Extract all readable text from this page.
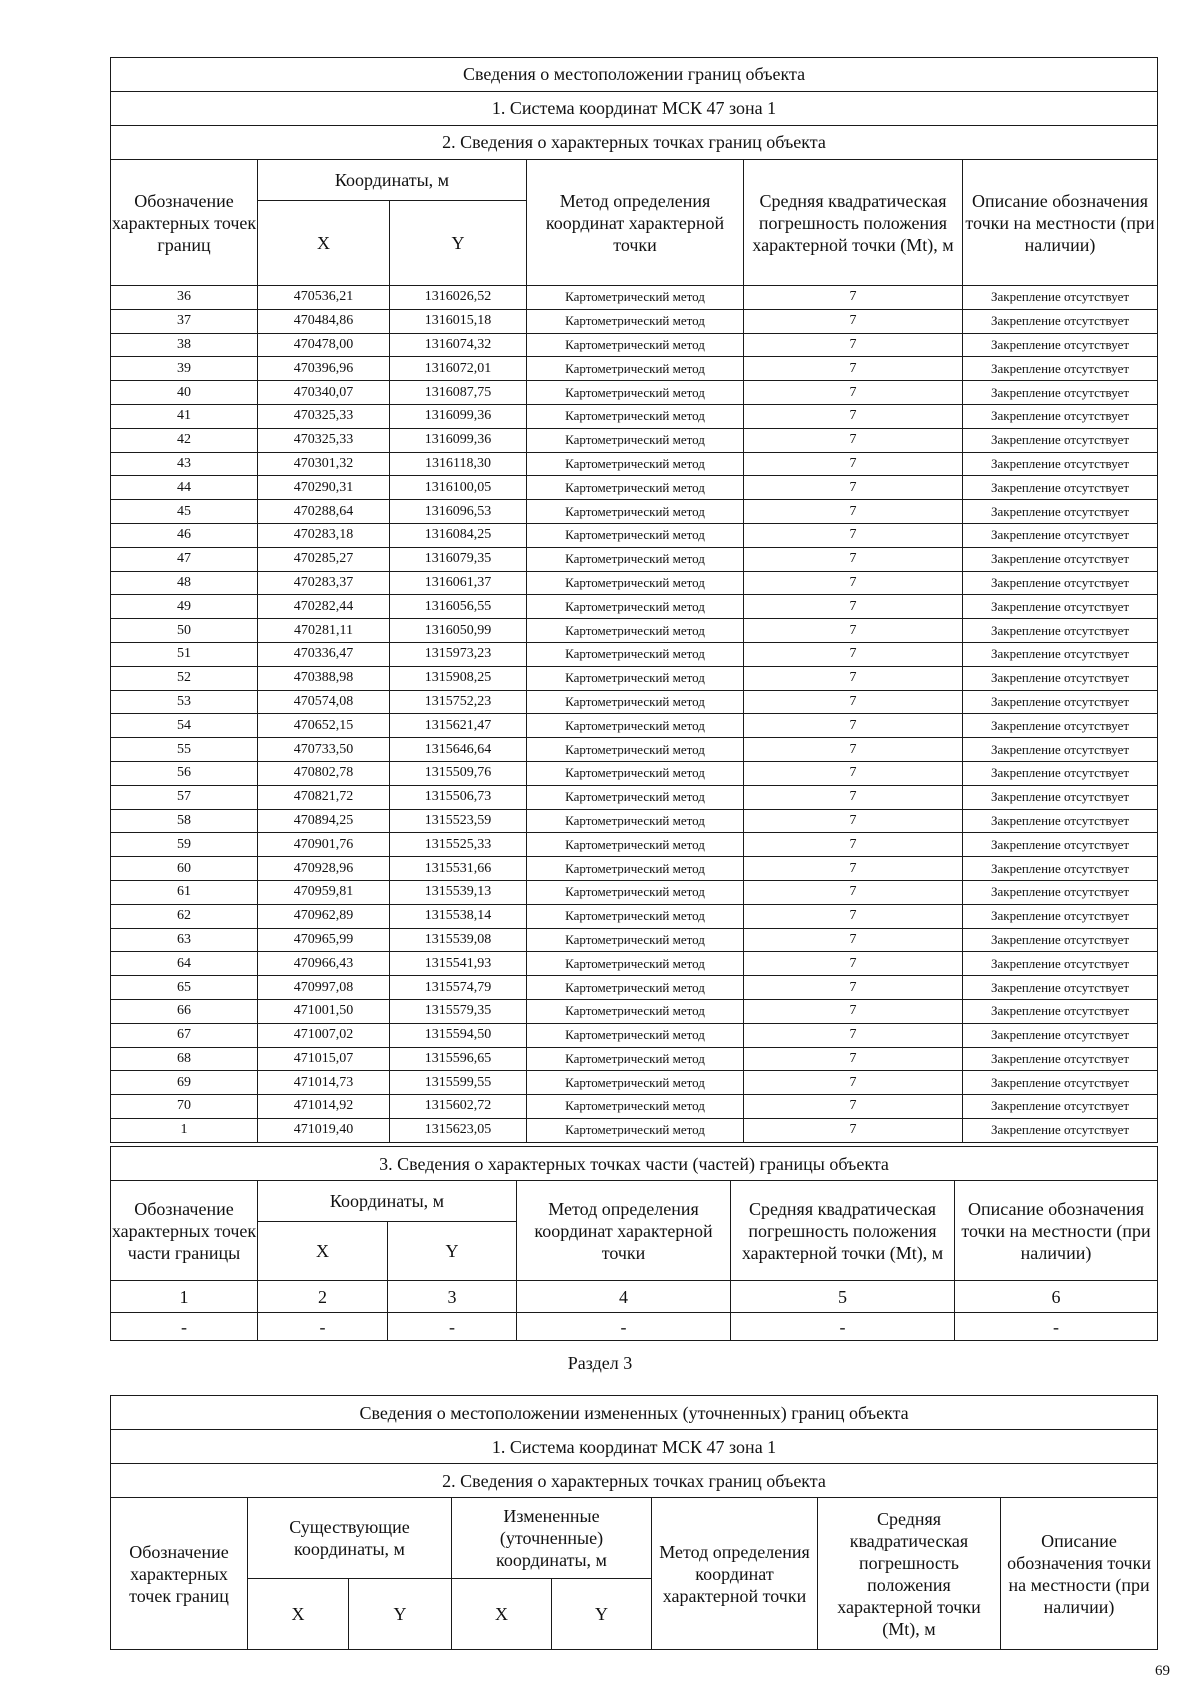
Сведения о местоположении границ объекта					
1. Система координат МСК 47 зона 1					
2. Сведения о характерных точках границ объекта					
Обозначение характерных точек границ	Координаты, м		Метод определения координат характерной точки	Средняя квадратическая погрешность положения характерной точки (Mt), м	Описание обозначения точки на местности (при наличии)
	X	Y			
36	470536,21	1316026,52	Картометрический метод	7	Закрепление отсутствует
37	470484,86	1316015,18	Картометрический метод	7	Закрепление отсутствует
38	470478,00	1316074,32	Картометрический метод	7	Закрепление отсутствует
39	470396,96	1316072,01	Картометрический метод	7	Закрепление отсутствует
40	470340,07	1316087,75	Картометрический метод	7	Закрепление отсутствует
41	470325,33	1316099,36	Картометрический метод	7	Закрепление отсутствует
42	470325,33	1316099,36	Картометрический метод	7	Закрепление отсутствует
43	470301,32	1316118,30	Картометрический метод	7	Закрепление отсутствует
44	470290,31	1316100,05	Картометрический метод	7	Закрепление отсутствует
45	470288,64	1316096,53	Картометрический метод	7	Закрепление отсутствует
46	470283,18	1316084,25	Картометрический метод	7	Закрепление отсутствует
47	470285,27	1316079,35	Картометрический метод	7	Закрепление отсутствует
48	470283,37	1316061,37	Картометрический метод	7	Закрепление отсутствует
49	470282,44	1316056,55	Картометрический метод	7	Закрепление отсутствует
50	470281,11	1316050,99	Картометрический метод	7	Закрепление отсутствует
51	470336,47	1315973,23	Картометрический метод	7	Закрепление отсутствует
52	470388,98	1315908,25	Картометрический метод	7	Закрепление отсутствует
53	470574,08	1315752,23	Картометрический метод	7	Закрепление отсутствует
54	470652,15	1315621,47	Картометрический метод	7	Закрепление отсутствует
55	470733,50	1315646,64	Картометрический метод	7	Закрепление отсутствует
56	470802,78	1315509,76	Картометрический метод	7	Закрепление отсутствует
57	470821,72	1315506,73	Картометрический метод	7	Закрепление отсутствует
58	470894,25	1315523,59	Картометрический метод	7	Закрепление отсутствует
59	470901,76	1315525,33	Картометрический метод	7	Закрепление отсутствует
60	470928,96	1315531,66	Картометрический метод	7	Закрепление отсутствует
61	470959,81	1315539,13	Картометрический метод	7	Закрепление отсутствует
62	470962,89	1315538,14	Картометрический метод	7	Закрепление отсутствует
63	470965,99	1315539,08	Картометрический метод	7	Закрепление отсутствует
64	470966,43	1315541,93	Картометрический метод	7	Закрепление отсутствует
65	470997,08	1315574,79	Картометрический метод	7	Закрепление отсутствует
66	471001,50	1315579,35	Картометрический метод	7	Закрепление отсутствует
67	471007,02	1315594,50	Картометрический метод	7	Закрепление отсутствует
68	471015,07	1315596,65	Картометрический метод	7	Закрепление отсутствует
69	471014,73	1315599,55	Картометрический метод	7	Закрепление отсутствует
70	471014,92	1315602,72	Картометрический метод	7	Закрепление отсутствует
1	471019,40	1315623,05	Картометрический метод	7	Закрепление отсутствует
3. Сведения о характерных точках части (частей) границы объекта					
Обозначение характерных точек части границы	Координаты, м		Метод определения координат характерной точки	Средняя квадратическая погрешность положения характерной точки (Mt), м	Описание обозначения точки на местности (при наличии)
	X	Y			
1	2	3	4	5	6
-	-	-	-	-	-
Раздел 3
Сведения о местоположении измененных (уточненных) границ объекта							
1. Система координат МСК 47 зона 1							
2. Сведения о характерных точках границ объекта							
Обозначение характерных точек границ	Существующие координаты, м		Измененные (уточненные) координаты, м		Метод определения координат характерной точки	Средняя квадратическая погрешность положения характерной точки (Mt), м	Описание обозначения точки на местности (при наличии)
	X	Y	X	Y			
69
